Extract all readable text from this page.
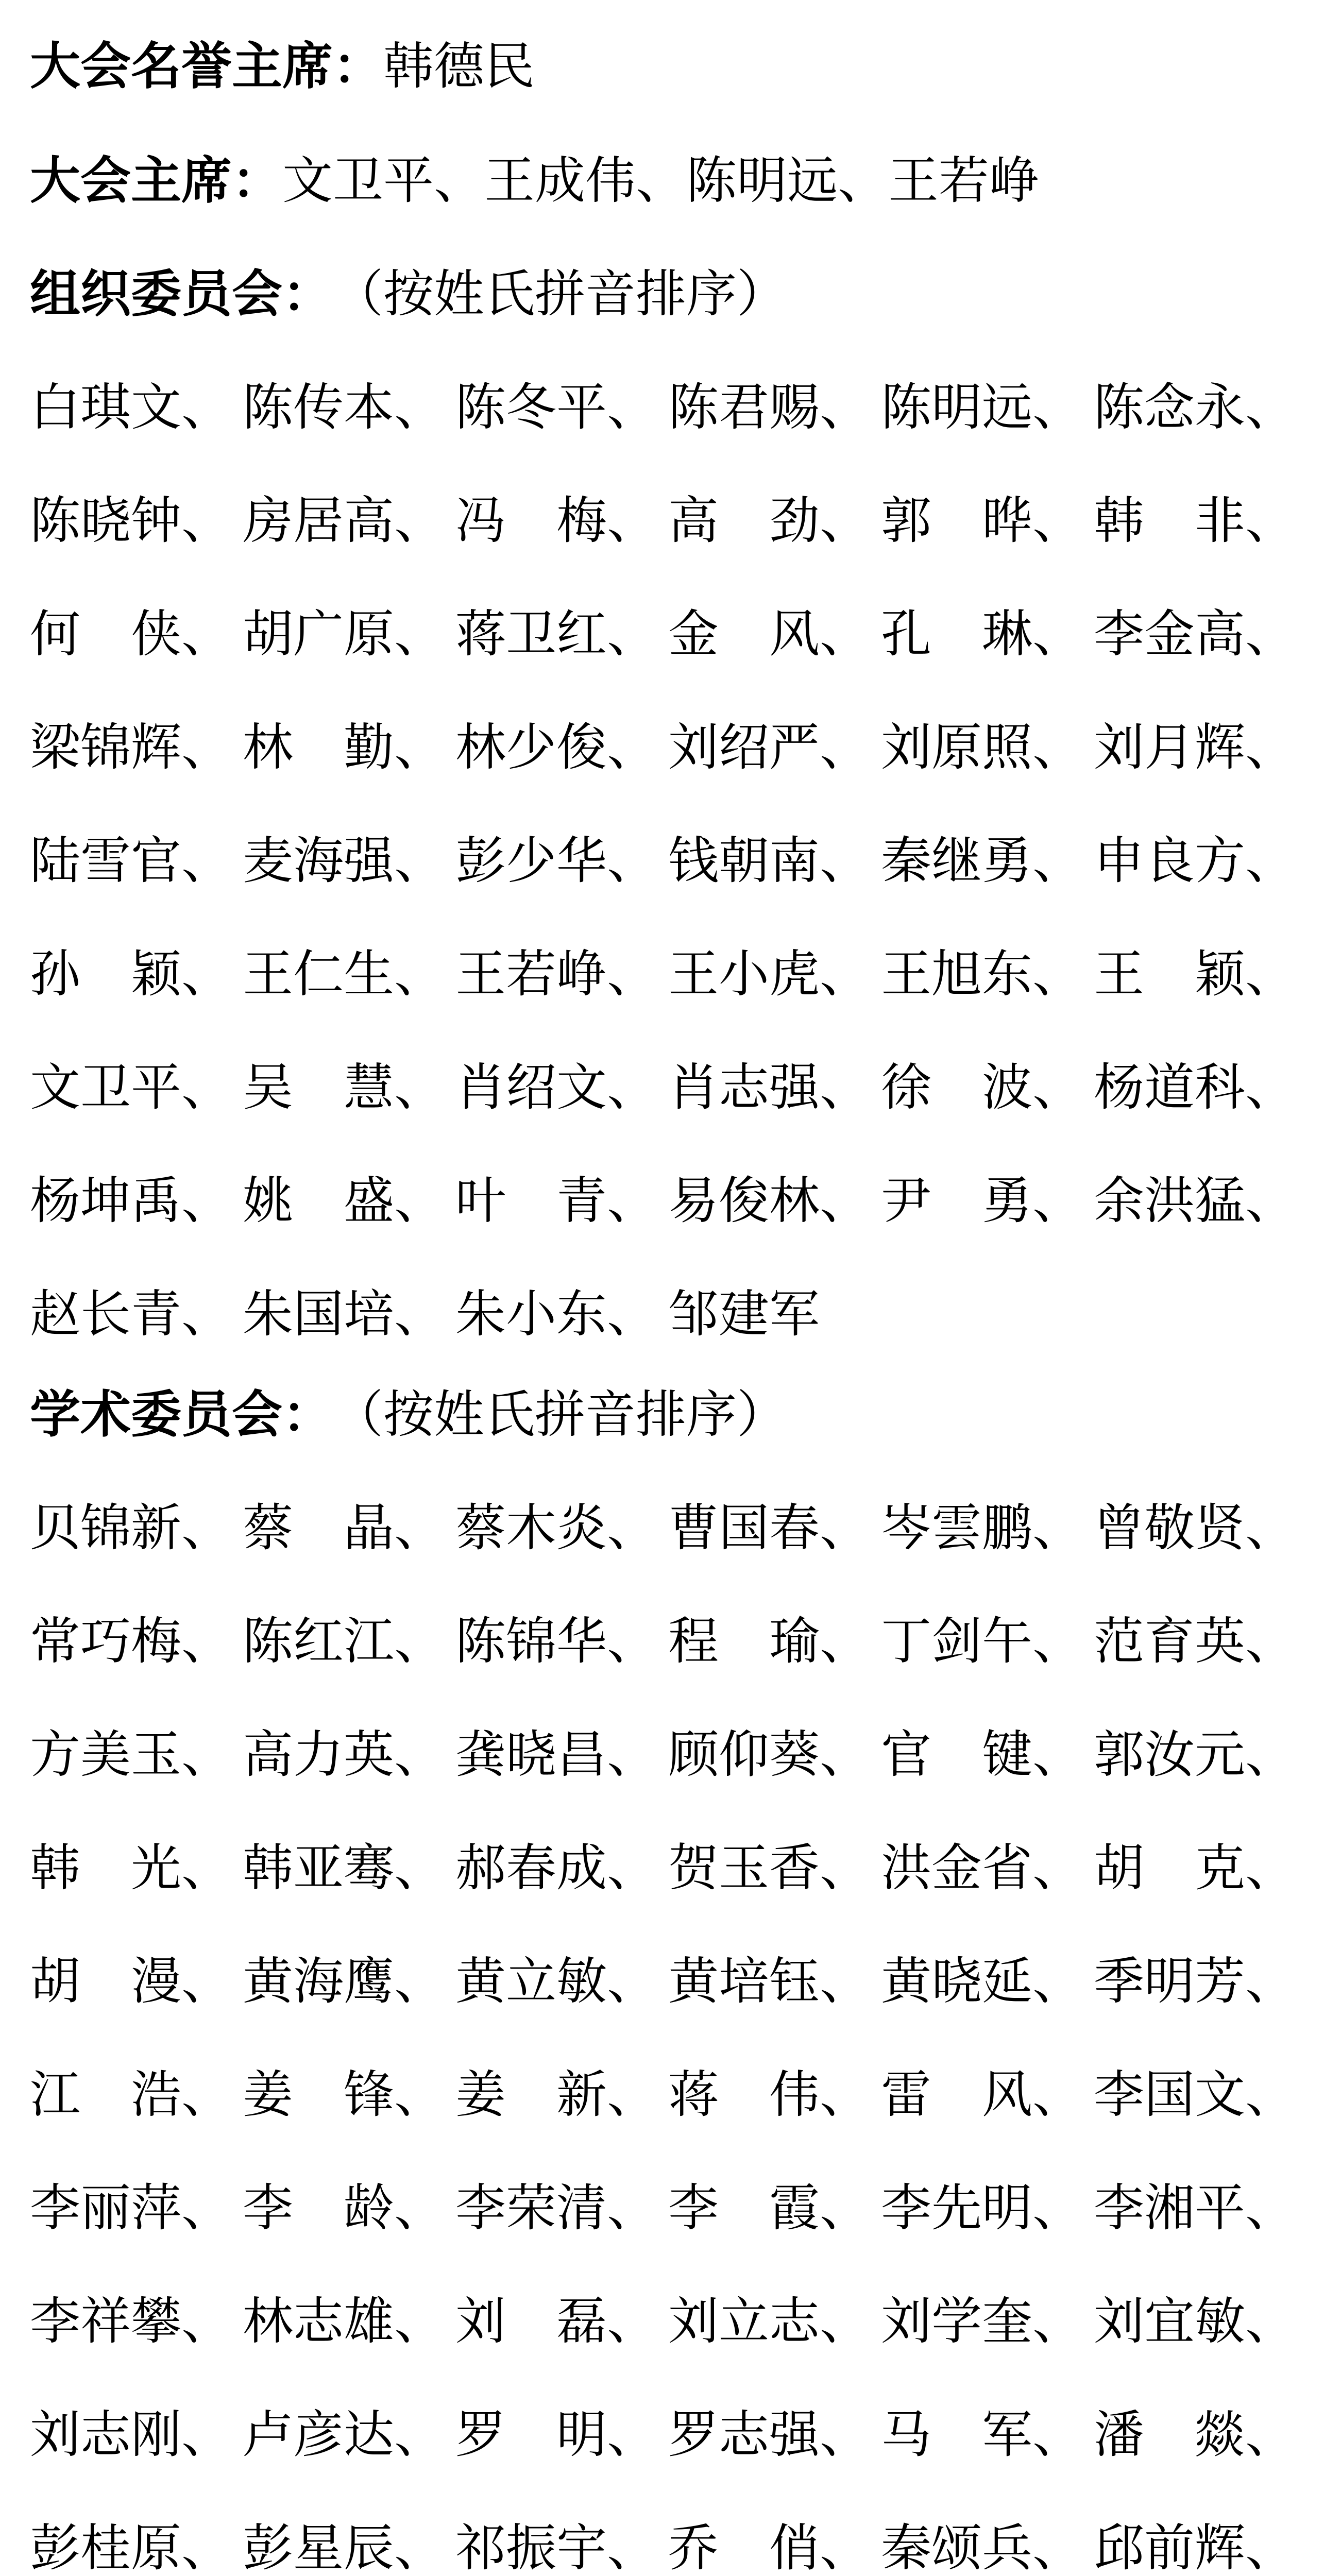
大会名誉主席： 韩德民
大会主席： 文卫平、王成伟、陈明远、王若峥
组织委员会： （按姓氏拼音排序）
白琪文、 陈传本、 陈冬平、 陈君赐、 陈明远、 陈念永、
陈晓钟、 房居高、 冯　梅、 高　劲、 郭　晔、 韩　非、
何　侠、 胡广原、 蒋卫红、 金　风、 孔　琳、 李金高、
梁锦辉、 林　勤、 林少俊、 刘绍严、 刘原照、 刘月辉、
陆雪官、 麦海强、 彭少华、 钱朝南、 秦继勇、 申良方、
孙　颖、 王仁生、 王若峥、 王小虎、 王旭东、 王　颖、
文卫平、 吴　慧、 肖绍文、 肖志强、 徐　波、 杨道科、
杨坤禹、 姚　盛、 叶　青、 易俊林、 尹　勇、 余洪猛、
赵长青、 朱国培、 朱小东、 邹建军
学术委员会： （按姓氏拼音排序）
贝锦新、 蔡　晶、 蔡木炎、 曹国春、 岑雲鹏、 曾敬贤、
常巧梅、 陈红江、 陈锦华、 程　瑜、 丁剑午、 范育英、
方美玉、 高力英、 龚晓昌、 顾仰葵、 官　键、 郭汝元、
韩　光、 韩亚骞、 郝春成、 贺玉香、 洪金省、 胡　克、
胡　漫、 黄海鹰、 黄立敏、 黄培钰、 黄晓延、 季明芳、
江　浩、 姜　锋、 姜　新、 蒋　伟、 雷　风、 李国文、
李丽萍、 李　龄、 李荣清、 李　霞、 李先明、 李湘平、
李祥攀、 林志雄、 刘　磊、 刘立志、 刘学奎、 刘宜敏、
刘志刚、 卢彦达、 罗　明、 罗志强、 马　军、 潘　燚、
彭桂原、 彭星辰、 祁振宇、 乔　俏、 秦颂兵、 邱前辉、
